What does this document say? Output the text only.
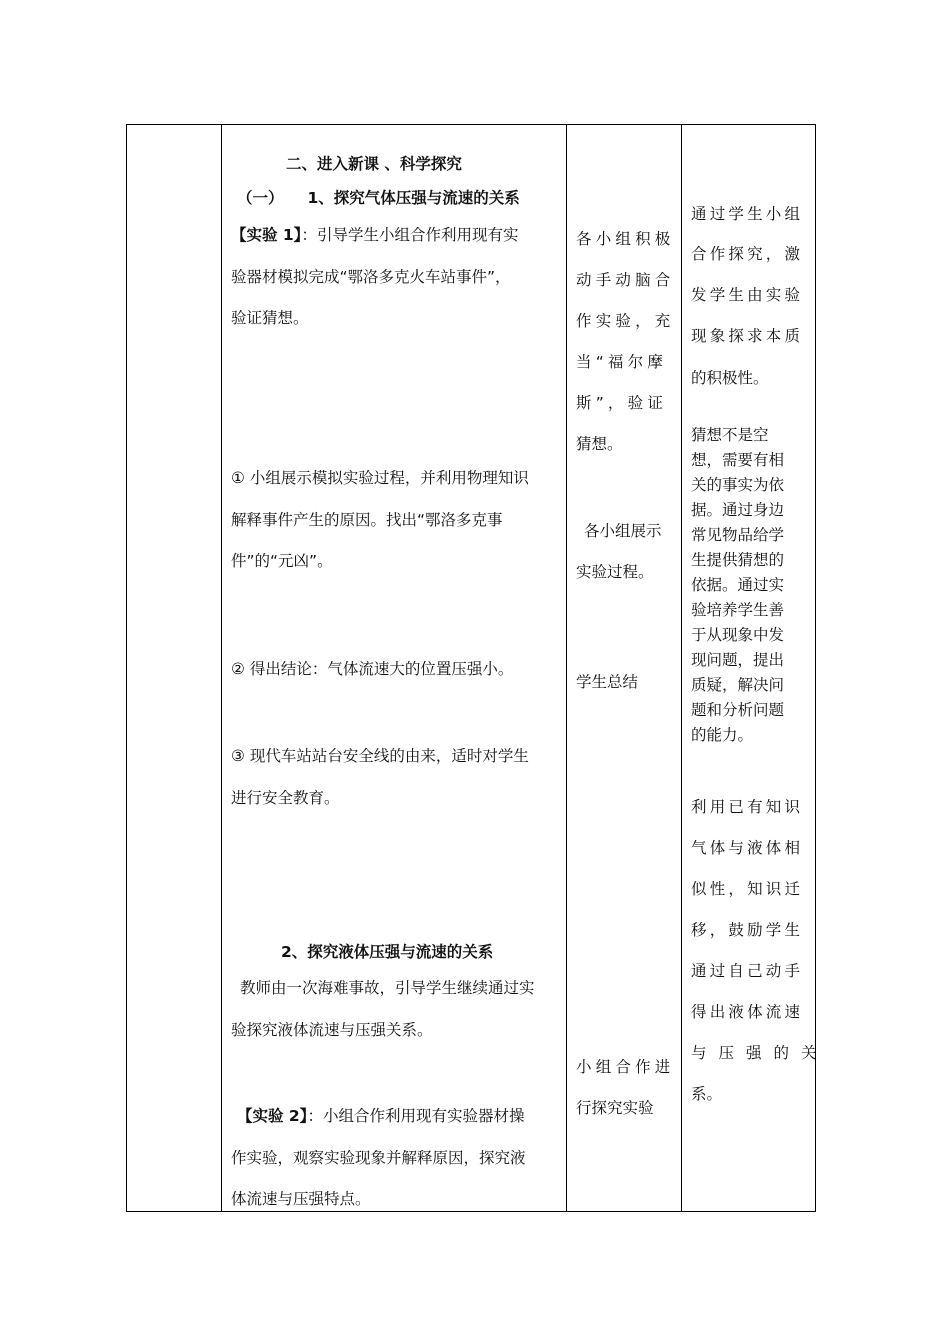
二、进入新课 、科学探究
（一） 1、探究气体压强与流速的关系
【实验 1】：引导学生小组合作利用现有实
验器材模拟完成“鄂洛多克火车站事件”，
验证猜想。
① 小组展示模拟实验过程，并利用物理知识
解释事件产生的原因。找出“鄂洛多克事
件”的“元凶”。
② 得出结论：气体流速大的位置压强小。
③ 现代车站站台安全线的由来，适时对学生
进行安全教育。
2、探究液体压强与流速的关系
教师由一次海难事故，引导学生继续通过实
验探究液体流速与压强关系。
【实验 2】：小组合作利用现有实验器材操
作实验，观察实验现象并解释原因，探究液
体流速与压强特点。
各小组积极
动手动脑合
作实验，充
当“福尔摩
斯”，验证
猜想。
各小组展示
实验过程。
学生总结
小组合作进
行探究实验
通过学生小组
合作探究，激
发学生由实验
现象探求本质
的积极性。
猜想不是空
想，需要有相
关的事实为依
据。通过身边
常见物品给学
生提供猜想的
依据。通过实
验培养学生善
于从现象中发
现问题，提出
质疑，解决问
题和分析问题
的能力。
利用已有知识
气体与液体相
似性，知识迁
移，鼓励学生
通过自己动手
得出液体流速
与压强的关
系。
